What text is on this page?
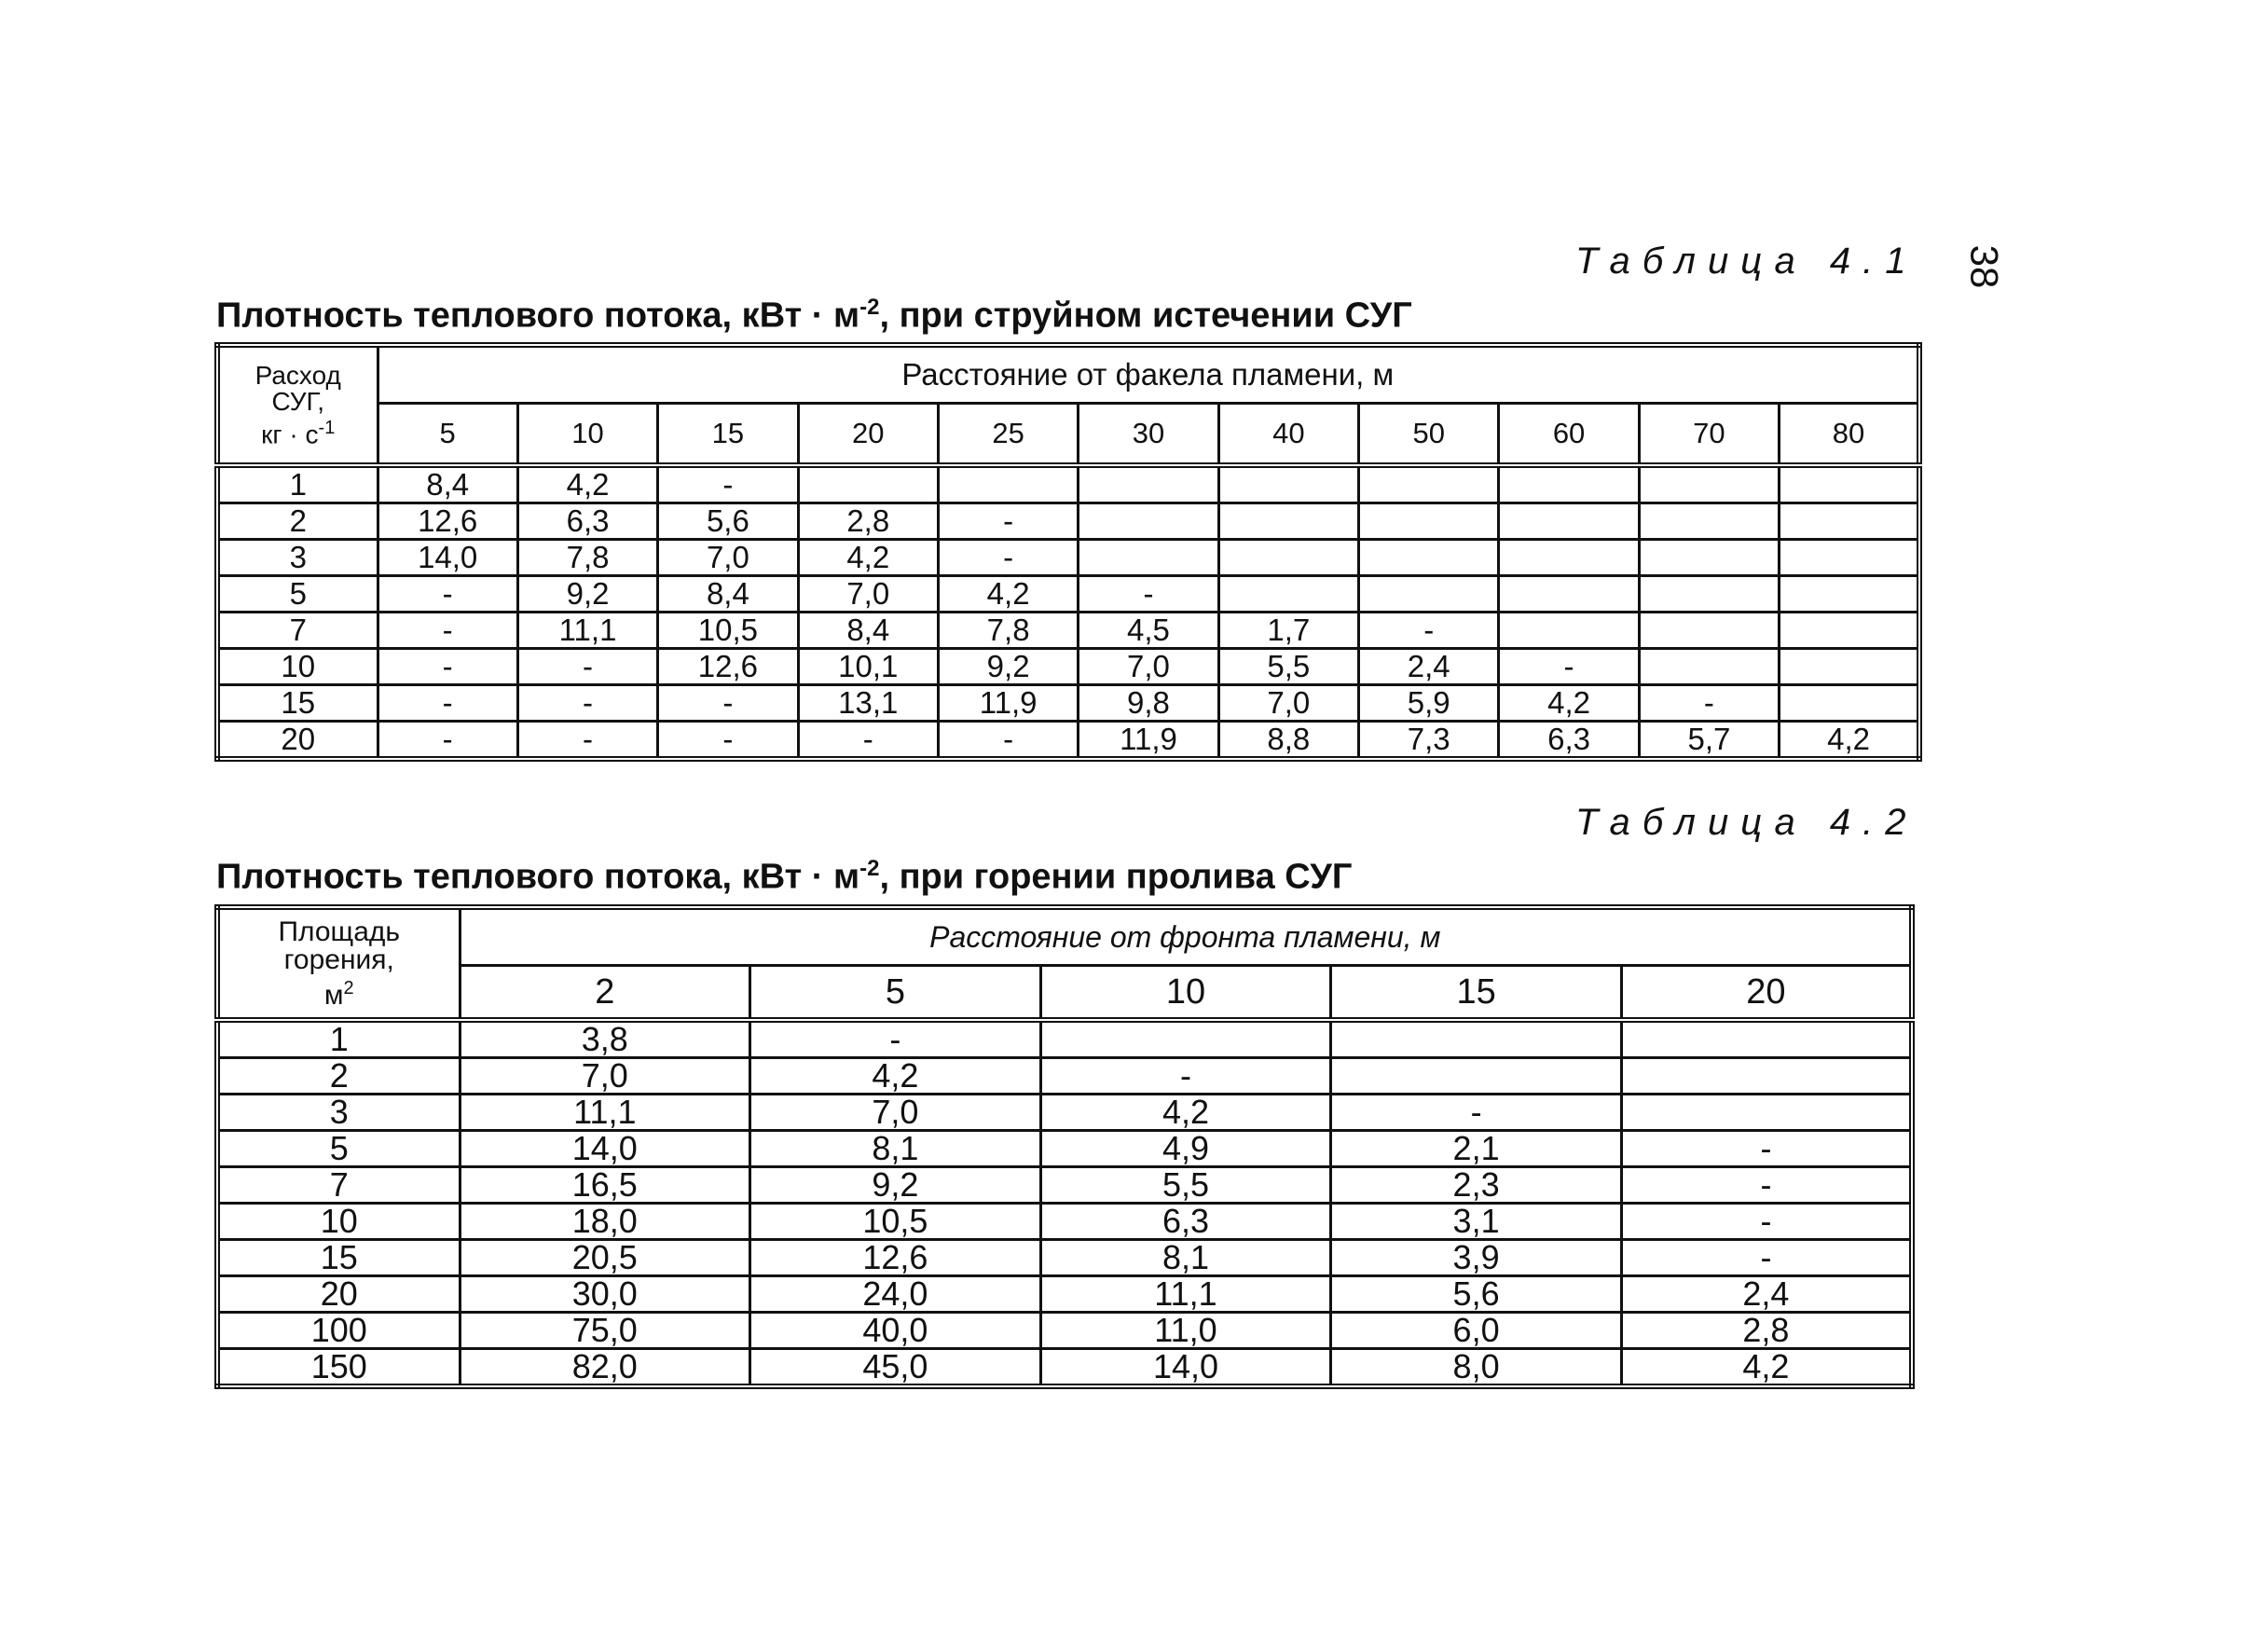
38
Таблица 4.1
Плотность теплового потока, кВт · $м^{-2}$, при струйном истечении СУГ
Расход
СУГ,
кг · $с^{-1}$	Расстояние от факела пламени, м										
	5	10	15	20	25	30	40	50	60	70	80
1	8,4	4,2	-								
2	12,6	6,3	5,6	2,8	-						
3	14,0	7,8	7,0	4,2	-						
5	-	9,2	8,4	7,0	4,2	-					
7	-	11,1	10,5	8,4	7,8	4,5	1,7	-			
10	-	-	12,6	10,1	9,2	7,0	5,5	2,4	-		
15	-	-	-	13,1	11,9	9,8	7,0	5,9	4,2	-	
20	-	-	-	-	-	11,9	8,8	7,3	6,3	5,7	4,2
Таблица 4.2
Плотность теплового потока, кВт · $м^{-2}$, при горении пролива СУГ
Площадь
горения,
$м^2$	Расстояние от фронта пламени, м				
	2	5	10	15	20
1	3,8	-			
2	7,0	4,2	-		
3	11,1	7,0	4,2	-	
5	14,0	8,1	4,9	2,1	-
7	16,5	9,2	5,5	2,3	-
10	18,0	10,5	6,3	3,1	-
15	20,5	12,6	8,1	3,9	-
20	30,0	24,0	11,1	5,6	2,4
100	75,0	40,0	11,0	6,0	2,8
150	82,0	45,0	14,0	8,0	4,2
